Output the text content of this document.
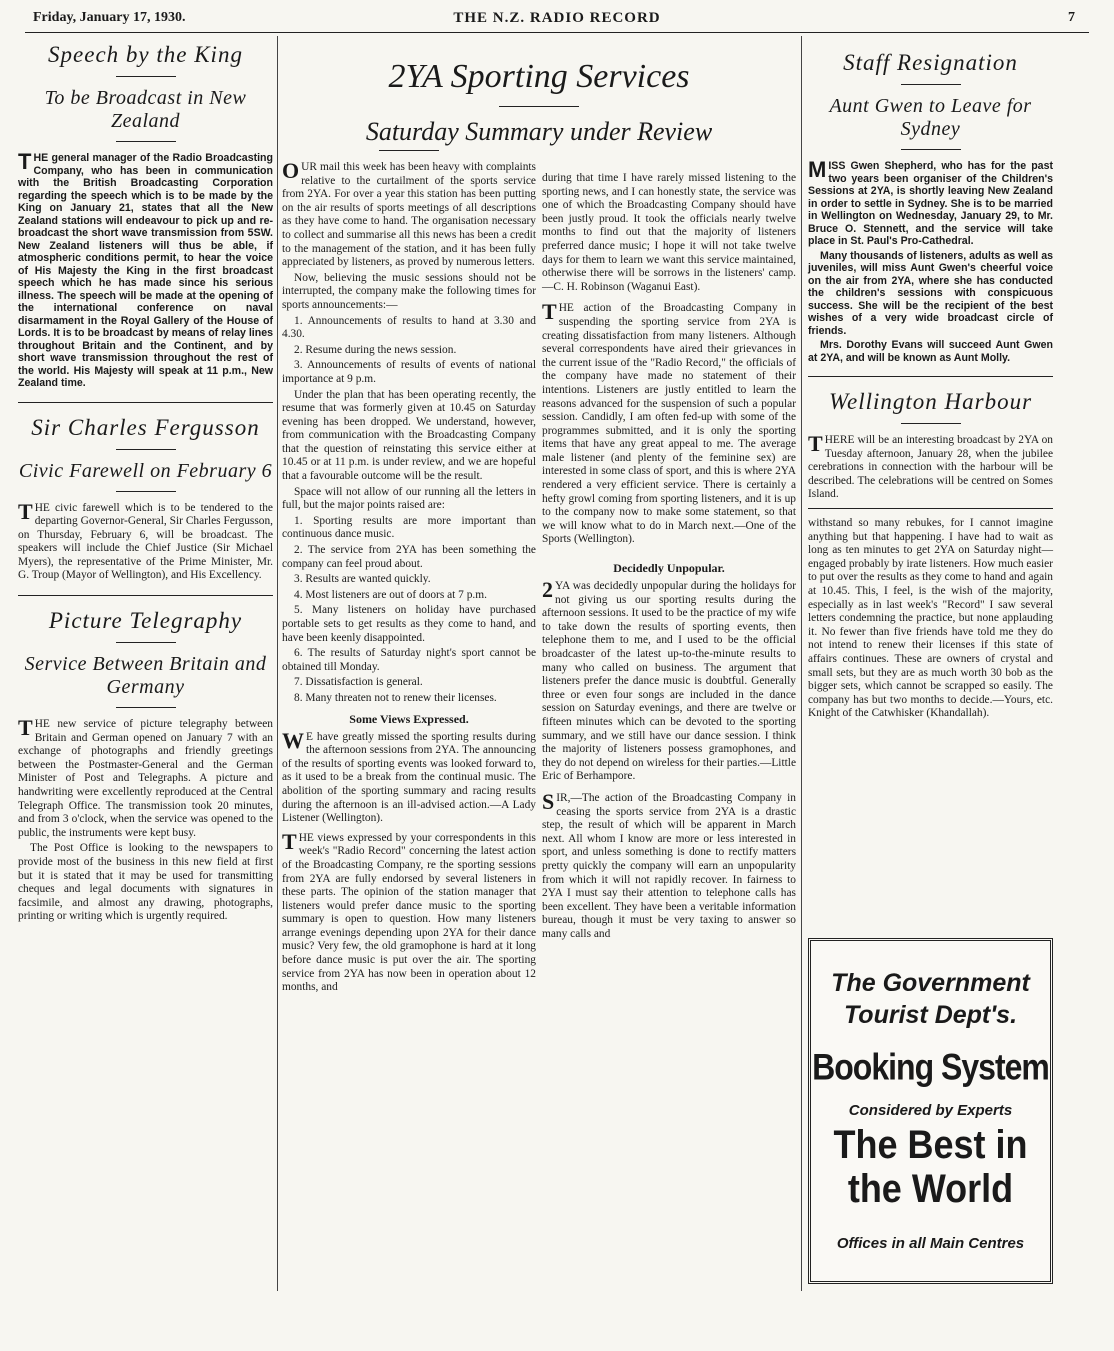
Friday, January 17, 1930.	THE N.Z. RADIO RECORD	7
Speech by the King
To be Broadcast in New Zealand

THE general manager of the Radio Broadcasting Company, who has been in communication with the British Broadcasting Corporation regarding the speech which is to be made by the King on January 21, states that all the New Zealand stations will endeavour to pick up and re-broadcast the short wave transmission from 5SW. New Zealand listeners will thus be able, if atmospheric conditions permit, to hear the voice of His Majesty the King in the first broadcast speech which he has made since his serious illness. The speech will be made at the opening of the international conference on naval disarmament in the Royal Gallery of the House of Lords. It is to be broadcast by means of relay lines throughout Britain and the Continent, and by short wave transmission throughout the rest of the world. His Majesty will speak at 11 p.m., New Zealand time.

Sir Charles Fergusson
Civic Farewell on February 6

THE civic farewell which is to be tendered to the departing Governor-General, Sir Charles Fergusson, on Thursday, February 6, will be broadcast. The speakers will include the Chief Justice (Sir Michael Myers), the representative of the Prime Minister, Mr. G. Troup (Mayor of Wellington), and His Excellency.

Picture Telegraphy
Service Between Britain and Germany

THE new service of picture telegraphy between Britain and German opened on January 7 with an exchange of photographs and friendly greetings between the Postmaster-General and the German Minister of Post and Telegraphs. A picture and handwriting were excellently reproduced at the Central Telegraph Office. The transmission took 20 minutes, and from 3 o'clock, when the service was opened to the public, the instruments were kept busy.

The Post Office is looking to the newspapers to provide most of the business in this new field at first but it is stated that it may be used for transmitting cheques and legal documents with signatures in facsimile, and almost any drawing, photographs, printing or writing which is urgently required.

2YA Sporting Services
Saturday Summary under Review

OUR mail this week has been heavy with complaints relative to the curtailment of the sports service from 2YA. For over a year this station has been putting on the air results of sports meetings of all descriptions as they have come to hand. The organisation necessary to collect and summarise all this news has been a credit to the management of the station, and it has been fully appreciated by listeners, as proved by numerous letters.

Now, believing the music sessions should not be interrupted, the company make the following times for sports announcements:—

1. Announcements of results to hand at 3.30 and 4.30.

2. Resume during the news session.

3. Announcements of results of events of national importance at 9 p.m.

Under the plan that has been operating recently, the resume that was formerly given at 10.45 on Saturday evening has been dropped. We understand, however, from communication with the Broadcasting Company that the question of reinstating this service either at 10.45 or at 11 p.m. is under review, and we are hopeful that a favourable outcome will be the result.

Space will not allow of our running all the letters in full, but the major points raised are:

1. Sporting results are more important than continuous dance music.

2. The service from 2YA has been something the company can feel proud about.

3. Results are wanted quickly.

4. Most listeners are out of doors at 7 p.m.

5. Many listeners on holiday have purchased portable sets to get results as they come to hand, and have been keenly disappointed.

6. The results of Saturday night's sport cannot be obtained till Monday.

7. Dissatisfaction is general.

8. Many threaten not to renew their licenses.

Some Views Expressed.

WE have greatly missed the sporting results during the afternoon sessions from 2YA. The announcing of the results of sporting events was looked forward to, as it used to be a break from the continual music. The abolition of the sporting summary and racing results during the afternoon is an ill-advised action.—A Lady Listener (Wellington).

THE views expressed by your correspondents in this week's "Radio Record" concerning the latest action of the Broadcasting Company, re the sporting sessions from 2YA are fully endorsed by several listeners in these parts. The opinion of the station manager that listeners would prefer dance music to the sporting summary is open to question. How many listeners arrange evenings depending upon 2YA for their dance music? Very few, the old gramophone is hard at it long before dance music is put over the air. The sporting service from 2YA has now been in operation about 12 months, and

during that time I have rarely missed listening to the sporting news, and I can honestly state, the service was one of which the Broadcasting Company should have been justly proud. It took the officials nearly twelve months to find out that the majority of listeners preferred dance music; I hope it will not take twelve days for them to learn we want this service maintained, otherwise there will be sorrows in the listeners' camp.—C. H. Robinson (Waganui East).

THE action of the Broadcasting Company in suspending the sporting service from 2YA is creating dissatisfaction from many listeners. Although several correspondents have aired their grievances in the current issue of the "Radio Record," the officials of the company have made no statement of their intentions. Listeners are justly entitled to learn the reasons advanced for the suspension of such a popular session. Candidly, I am often fed-up with some of the programmes submitted, and it is only the sporting items that have any great appeal to me. The average male listener (and plenty of the feminine sex) are interested in some class of sport, and this is where 2YA rendered a very efficient service. There is certainly a hefty growl coming from sporting listeners, and it is up to the company now to make some statement, so that we will know what to do in March next.—One of the Sports (Wellington).

Decidedly Unpopular.

2YA was decidedly unpopular during the holidays for not giving us our sporting results during the afternoon sessions. It used to be the practice of my wife to take down the results of sporting events, then telephone them to me, and I used to be the official broadcaster of the latest up-to-the-minute results to many who called on business. The argument that listeners prefer the dance music is doubtful. Generally three or even four songs are included in the dance session on Saturday evenings, and there are twelve or fifteen minutes which can be devoted to the sporting summary, and we still have our dance session. I think the majority of listeners possess gramophones, and they do not depend on wireless for their parties.—Little Eric of Berhampore.

SIR,—The action of the Broadcasting Company in ceasing the sports service from 2YA is a drastic step, the result of which will be apparent in March next. All whom I know are more or less interested in sport, and unless something is done to rectify matters pretty quickly the company will earn an unpopularity from which it will not rapidly recover. In fairness to 2YA I must say their attention to telephone calls has been excellent. They have been a veritable information bureau, though it must be very taxing to answer so many calls and

Staff Resignation
Aunt Gwen to Leave for Sydney

MISS Gwen Shepherd, who has for the past two years been organiser of the Children's Sessions at 2YA, is shortly leaving New Zealand in order to settle in Sydney. She is to be married in Wellington on Wednesday, January 29, to Mr. Bruce O. Stennett, and the service will take place in St. Paul's Pro-Cathedral.

Many thousands of listeners, adults as well as juveniles, will miss Aunt Gwen's cheerful voice on the air from 2YA, where she has conducted the children's sessions with conspicuous success. She will be the recipient of the best wishes of a very wide broadcast circle of friends.

Mrs. Dorothy Evans will succeed Aunt Gwen at 2YA, and will be known as Aunt Molly.

Wellington Harbour

THERE will be an interesting broadcast by 2YA on Tuesday afternoon, January 28, when the jubilee cerebrations in connection with the harbour will be described. The celebrations will be centred on Somes Island.

withstand so many rebukes, for I cannot imagine anything but that happening. I have had to wait as long as ten minutes to get 2YA on Saturday night—engaged probably by irate listeners. How much easier to put over the results as they come to hand and again at 10.45. This, I feel, is the wish of the majority, especially as in last week's "Record" I saw several letters condemning the practice, but none applauding it. No fewer than five friends have told me they do not intend to renew their licenses if this state of affairs continues. These are owners of crystal and small sets, but they are as much worth 30 bob as the bigger sets, which cannot be scrapped so easily. The company has but two months to decide.—Yours, etc. Knight of the Catwhisker (Khandallah).

The Government Tourist Dept's.
Booking System
Considered by Experts
The Best in the World
Offices in all Main Centres
